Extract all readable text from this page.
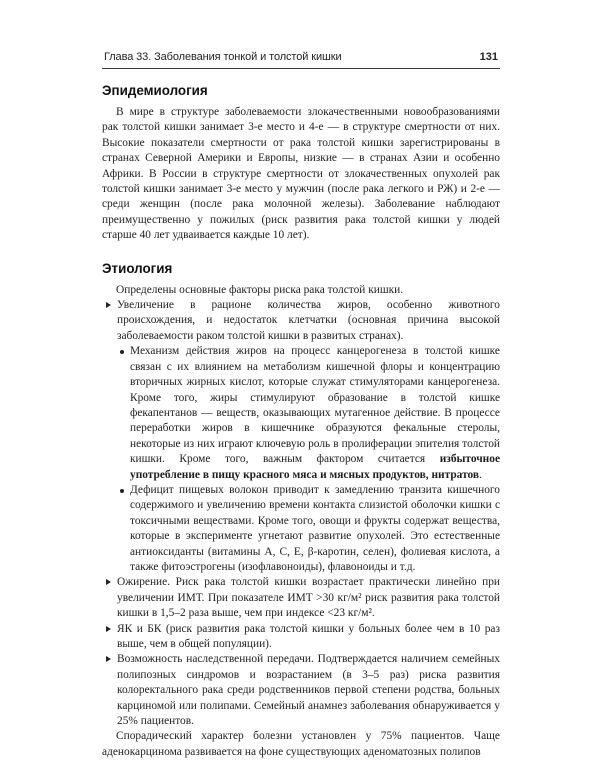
Глава 33. Заболевания тонкой и толстой кишки	131
Эпидемиология

В мире в структуре заболеваемости злокачественными новообразованиями рак толстой кишки занимает 3-е место и 4-е — в структуре смертности от них. Высокие показатели смертности от рака толстой кишки зарегистрированы в странах Северной Америки и Европы, низкие — в странах Азии и особенно Африки. В России в структуре смертности от злокачественных опухолей рак толстой кишки занимает 3-е место у мужчин (после рака легкого и РЖ) и 2-е — среди женщин (после рака молочной железы). Заболевание наблюдают преимущественно у пожилых (риск развития рака толстой кишки у людей старше 40 лет удваивается каждые 10 лет).

Этиология

Определены основные факторы риска рака толстой кишки.

Увеличение в рационе количества жиров, особенно животного происхождения, и недостаток клетчатки (основная причина высокой заболеваемости раком толстой кишки в развитых странах).
Механизм действия жиров на процесс канцерогенеза в толстой кишке связан с их влиянием на метаболизм кишечной флоры и концентрацию вторичных жирных кислот, которые служат стимуляторами канцерогенеза. Кроме того, жиры стимулируют образование в толстой кишке фекапентанов — веществ, оказывающих мутагенное действие. В процессе переработки жиров в кишечнике образуются фекальные стеролы, некоторые из них играют ключевую роль в пролиферации эпителия толстой кишки. Кроме того, важным фактором считается избыточное употребление в пищу красного мяса и мясных продуктов, нитратов.
Дефицит пищевых волокон приводит к замедлению транзита кишечного содержимого и увеличению времени контакта слизистой оболочки кишки с токсичными веществами. Кроме того, овощи и фрукты содержат вещества, которые в эксперименте угнетают развитие опухолей. Это естественные антиоксиданты (витамины А, С, Е, β-каротин, селен), фолиевая кислота, а также фитоэстрогены (изофлавоноиды), флавоноиды и т.д.
Ожирение. Риск рака толстой кишки возрастает практически линейно при увеличении ИМТ. При показателе ИМТ >30 кг/м² риск развития рака толстой кишки в 1,5–2 раза выше, чем при индексе <23 кг/м².
ЯК и БК (риск развития рака толстой кишки у больных более чем в 10 раз выше, чем в общей популяции).
Возможность наследственной передачи. Подтверждается наличием семейных полипозных синдромов и возрастанием (в 3–5 раз) риска развития колоректального рака среди родственников первой степени родства, больных карциномой или полипами. Семейный анамнез заболевания обнаруживается у 25% пациентов.

Спорадический характер болезни установлен у 75% пациентов. Чаще аденокарцинома развивается на фоне существующих аденоматозных полипов
